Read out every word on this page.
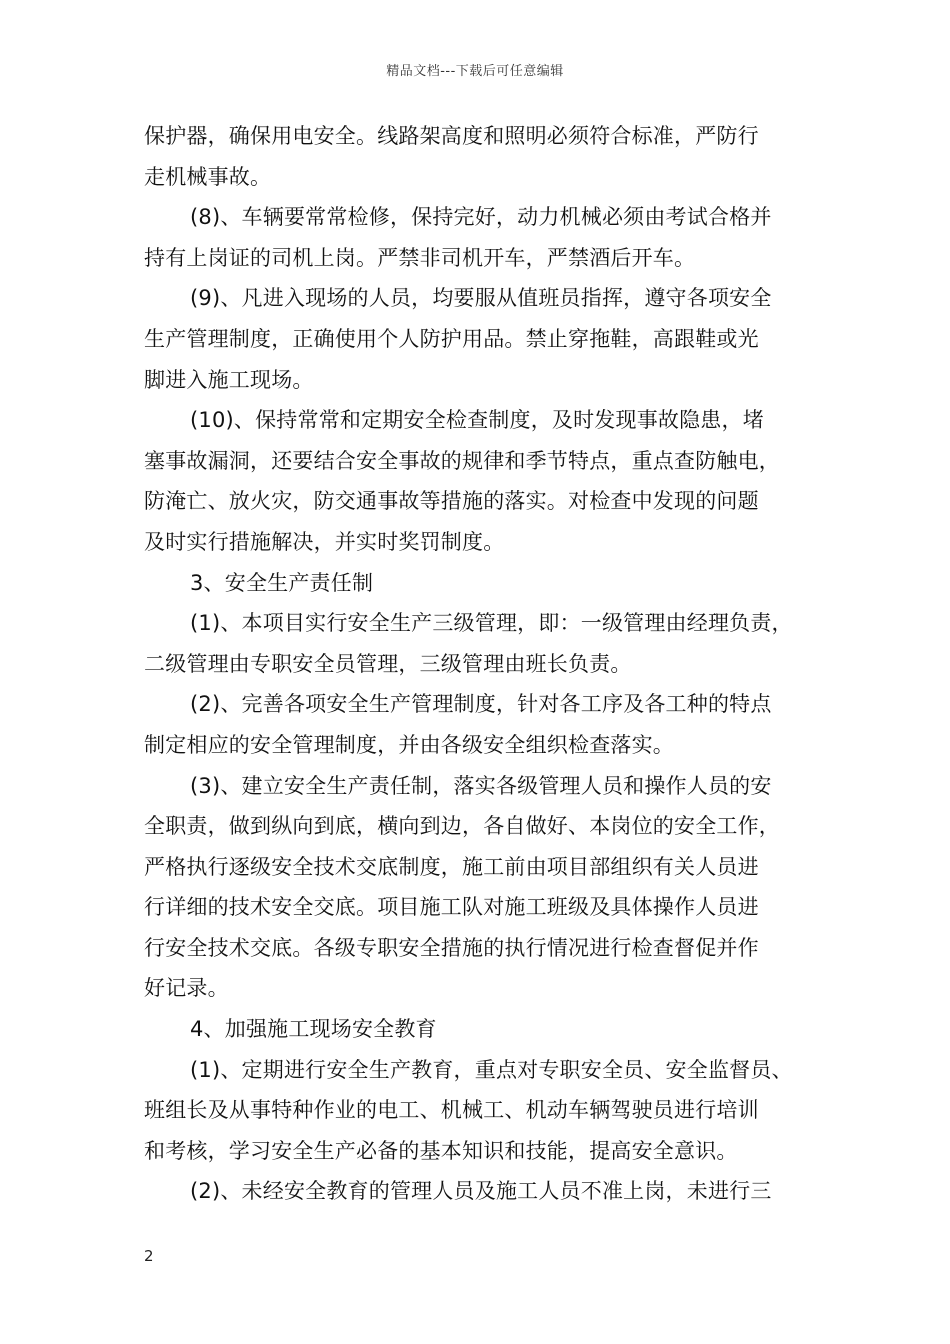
精品文档---下载后可任意编辑
保护器，确保用电安全。线路架高度和照明必须符合标准，严防行
走机械事故。
(8)、车辆要常常检修，保持完好，动力机械必须由考试合格并
持有上岗证的司机上岗。严禁非司机开车，严禁酒后开车。
(9)、凡进入现场的人员，均要服从值班员指挥，遵守各项安全
生产管理制度，正确使用个人防护用品。禁止穿拖鞋，高跟鞋或光
脚进入施工现场。
(10)、保持常常和定期安全检查制度，及时发现事故隐患，堵
塞事故漏洞，还要结合安全事故的规律和季节特点，重点查防触电，
防淹亡、放火灾，防交通事故等措施的落实。对检查中发现的问题
及时实行措施解决，并实时奖罚制度。
3、安全生产责任制
(1)、本项目实行安全生产三级管理，即：一级管理由经理负责，
二级管理由专职安全员管理，三级管理由班长负责。
(2)、完善各项安全生产管理制度，针对各工序及各工种的特点
制定相应的安全管理制度，并由各级安全组织检查落实。
(3)、建立安全生产责任制，落实各级管理人员和操作人员的安
全职责，做到纵向到底，横向到边，各自做好、本岗位的安全工作，
严格执行逐级安全技术交底制度，施工前由项目部组织有关人员进
行详细的技术安全交底。项目施工队对施工班级及具体操作人员进
行安全技术交底。各级专职安全措施的执行情况进行检查督促并作
好记录。
4、加强施工现场安全教育
(1)、定期进行安全生产教育，重点对专职安全员、安全监督员、
班组长及从事特种作业的电工、机械工、机动车辆驾驶员进行培训
和考核，学习安全生产必备的基本知识和技能，提高安全意识。
(2)、未经安全教育的管理人员及施工人员不准上岗，未进行三
2
